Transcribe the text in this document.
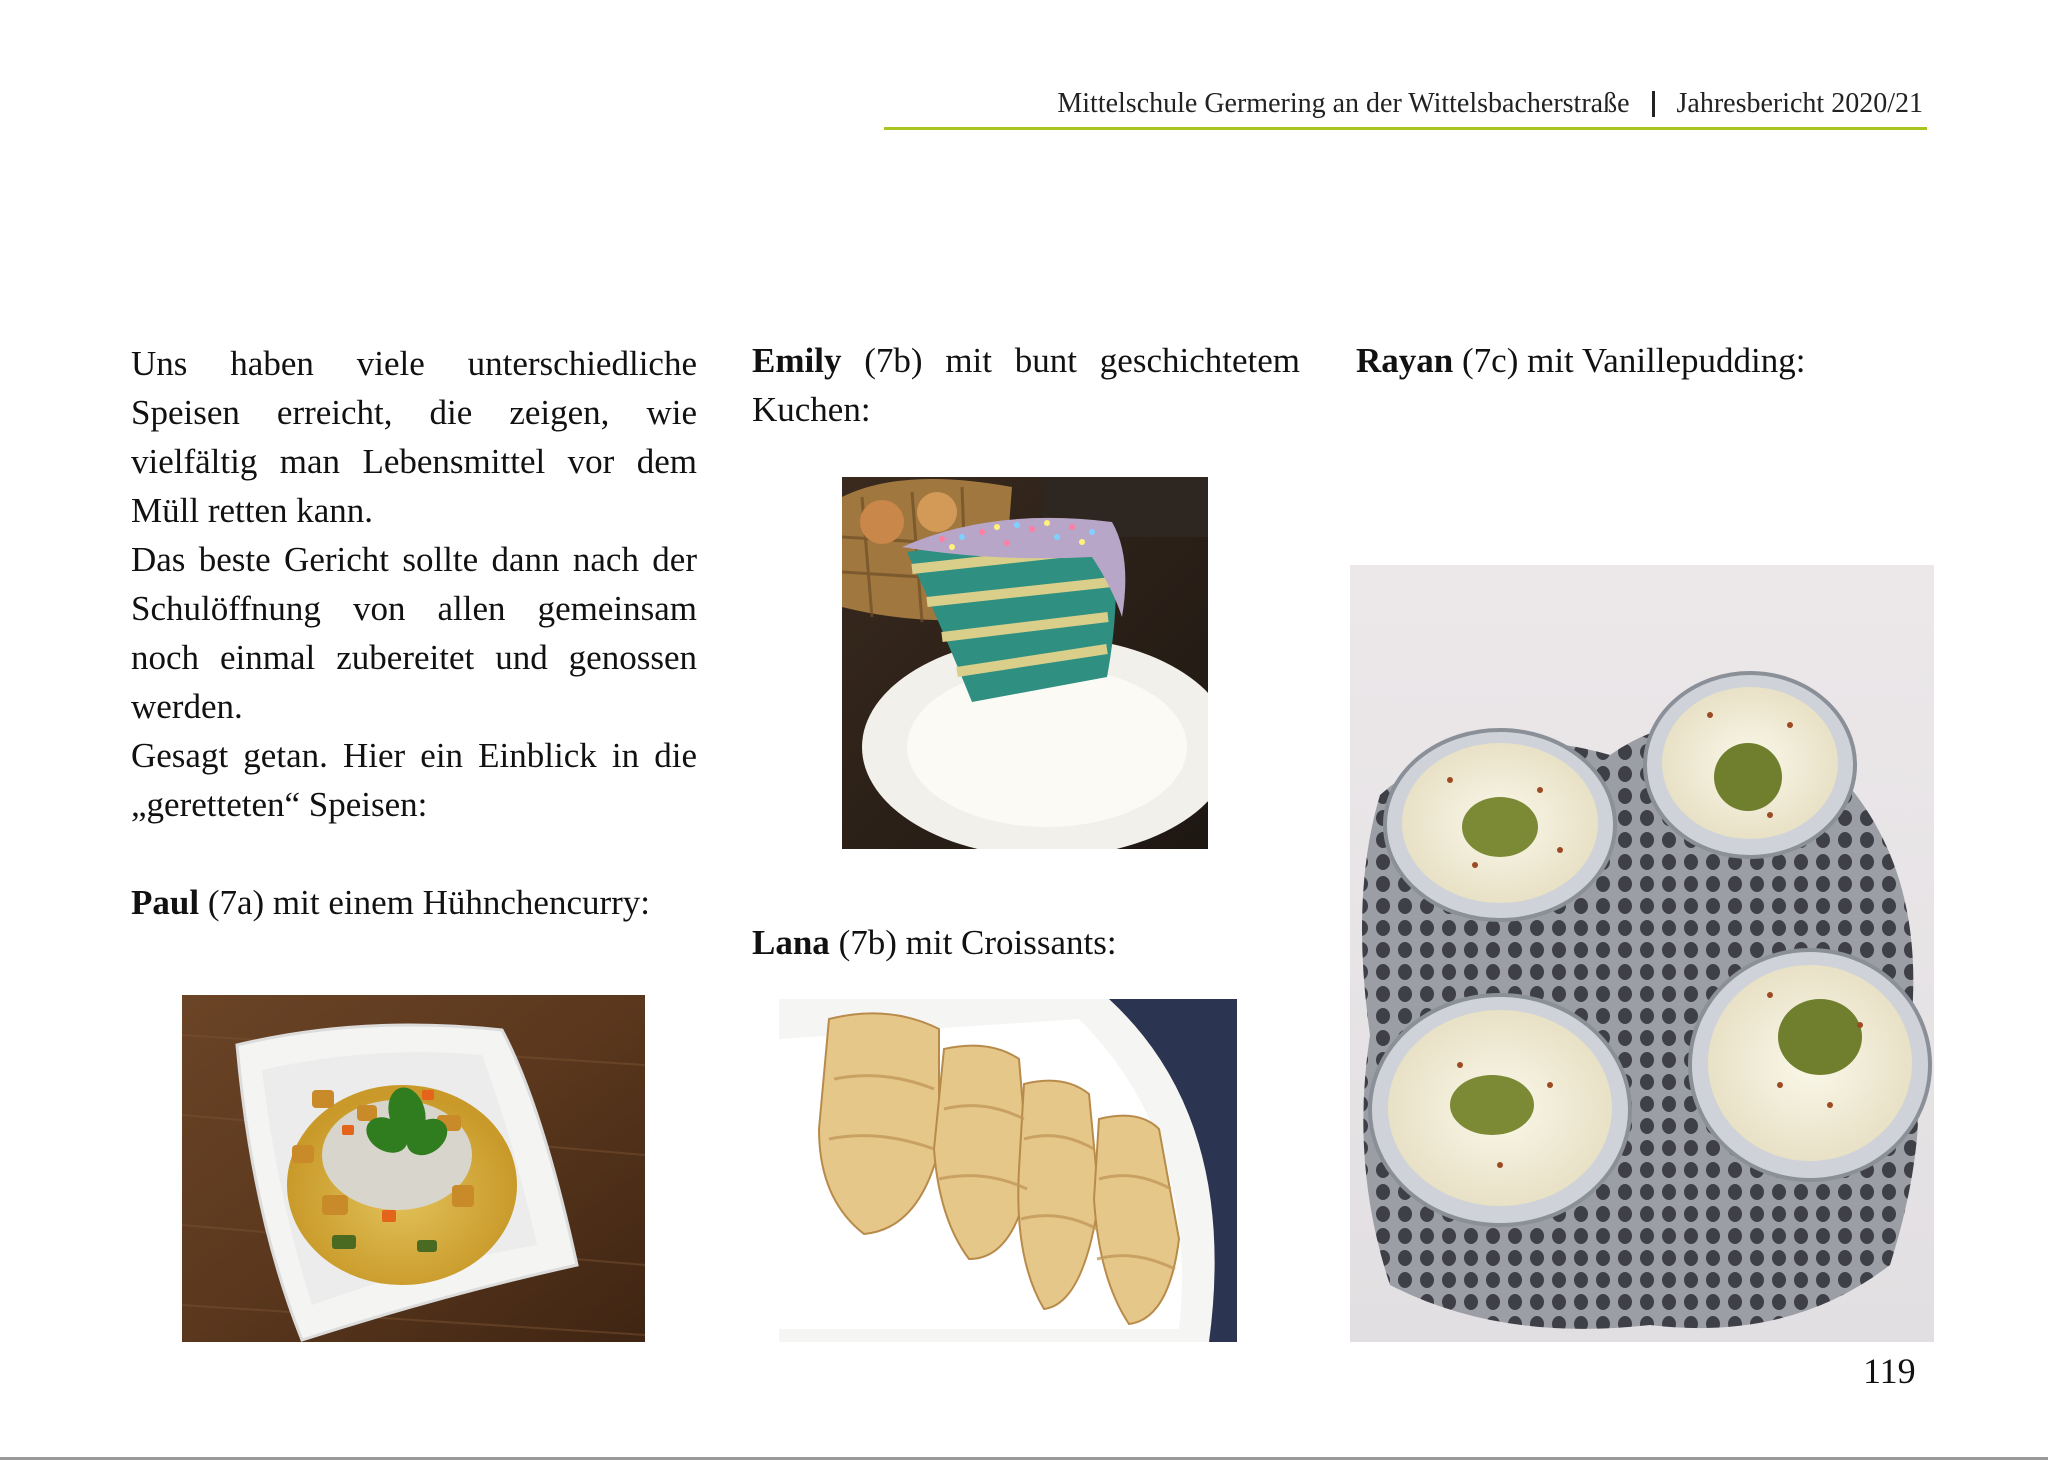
Mittelschule Germering an der Wittelsbacherstraße Jahresbericht 2020/21

Uns haben viele unterschiedliche Speisen erreicht, die zeigen, wie vielfältig man Lebensmittel vor dem Müll retten kann.

Das beste Gericht sollte dann nach der Schulöffnung von allen gemeinsam noch einmal zubereitet und genossen werden.

Gesagt getan. Hier ein Einblick in die „geretteten“ Speisen:

Paul (7a) mit einem Hühnchencurry:

Emily (7b) mit bunt geschichtetem Kuchen:

Lana (7b) mit Croissants:

Rayan (7c) mit Vanillepudding:

119
